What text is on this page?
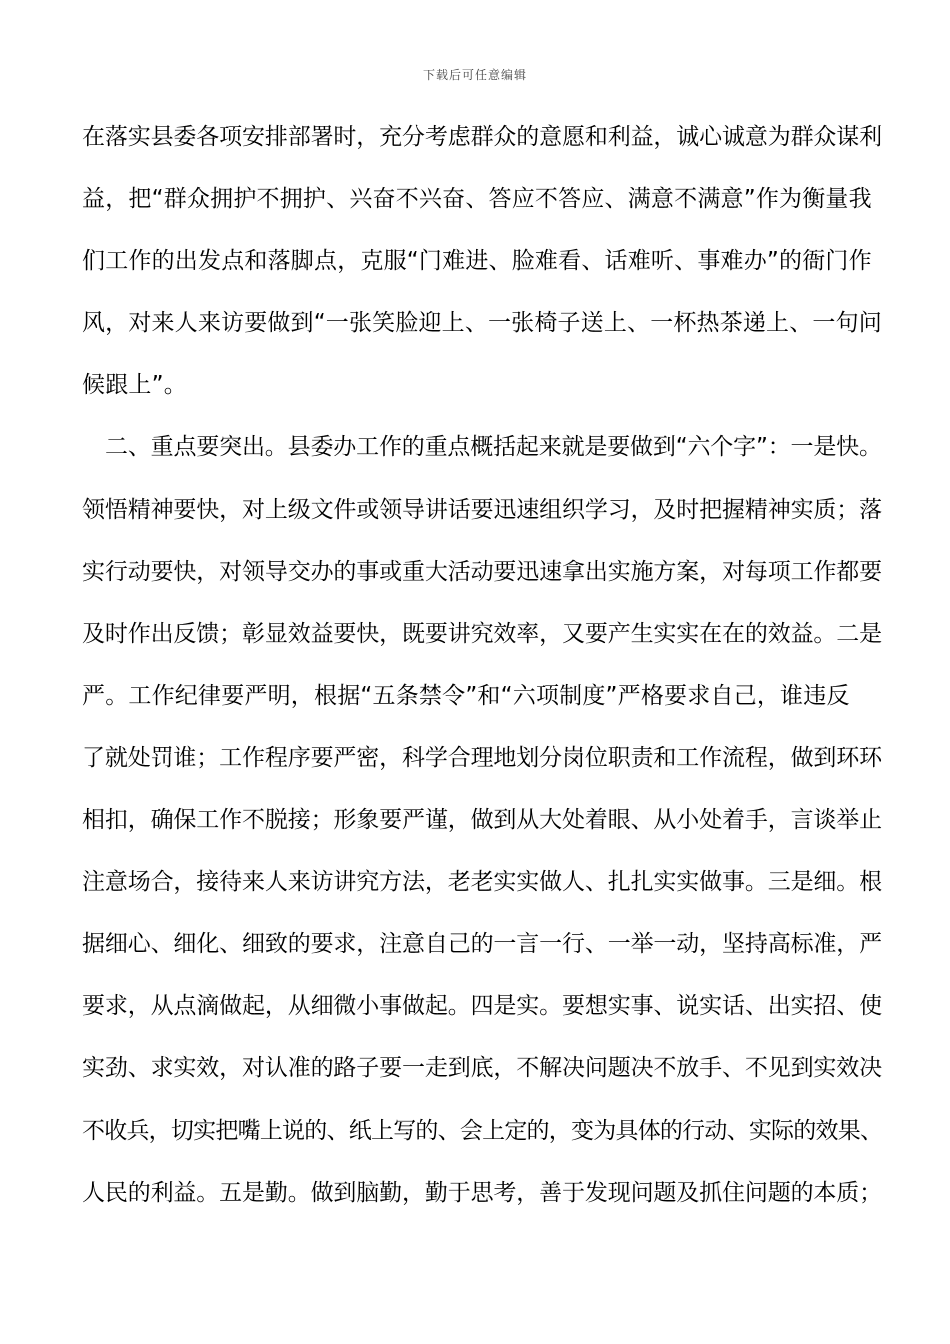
下载后可任意编辑
在落实县委各项安排部署时，充分考虑群众的意愿和利益，诚心诚意为群众谋利
益，把“群众拥护不拥护、兴奋不兴奋、答应不答应、满意不满意”作为衡量我
们工作的出发点和落脚点，克服“门难进、脸难看、话难听、事难办”的衙门作
风，对来人来访要做到“一张笑脸迎上、一张椅子送上、一杯热茶递上、一句问
候跟上”。
二、重点要突出。县委办工作的重点概括起来就是要做到“六个字”：一是快。
领悟精神要快，对上级文件或领导讲话要迅速组织学习，及时把握精神实质；落
实行动要快，对领导交办的事或重大活动要迅速拿出实施方案，对每项工作都要
及时作出反馈；彰显效益要快，既要讲究效率，又要产生实实在在的效益。二是
严。工作纪律要严明，根据“五条禁令”和“六项制度”严格要求自己，谁违反
了就处罚谁；工作程序要严密，科学合理地划分岗位职责和工作流程，做到环环
相扣，确保工作不脱接；形象要严谨，做到从大处着眼、从小处着手，言谈举止
注意场合，接待来人来访讲究方法，老老实实做人、扎扎实实做事。三是细。根
据细心、细化、细致的要求，注意自己的一言一行、一举一动，坚持高标准，严
要求，从点滴做起，从细微小事做起。四是实。要想实事、说实话、出实招、使
实劲、求实效，对认准的路子要一走到底，不解决问题决不放手、不见到实效决
不收兵，切实把嘴上说的、纸上写的、会上定的，变为具体的行动、实际的效果、
人民的利益。五是勤。做到脑勤，勤于思考，善于发现问题及抓住问题的本质；
